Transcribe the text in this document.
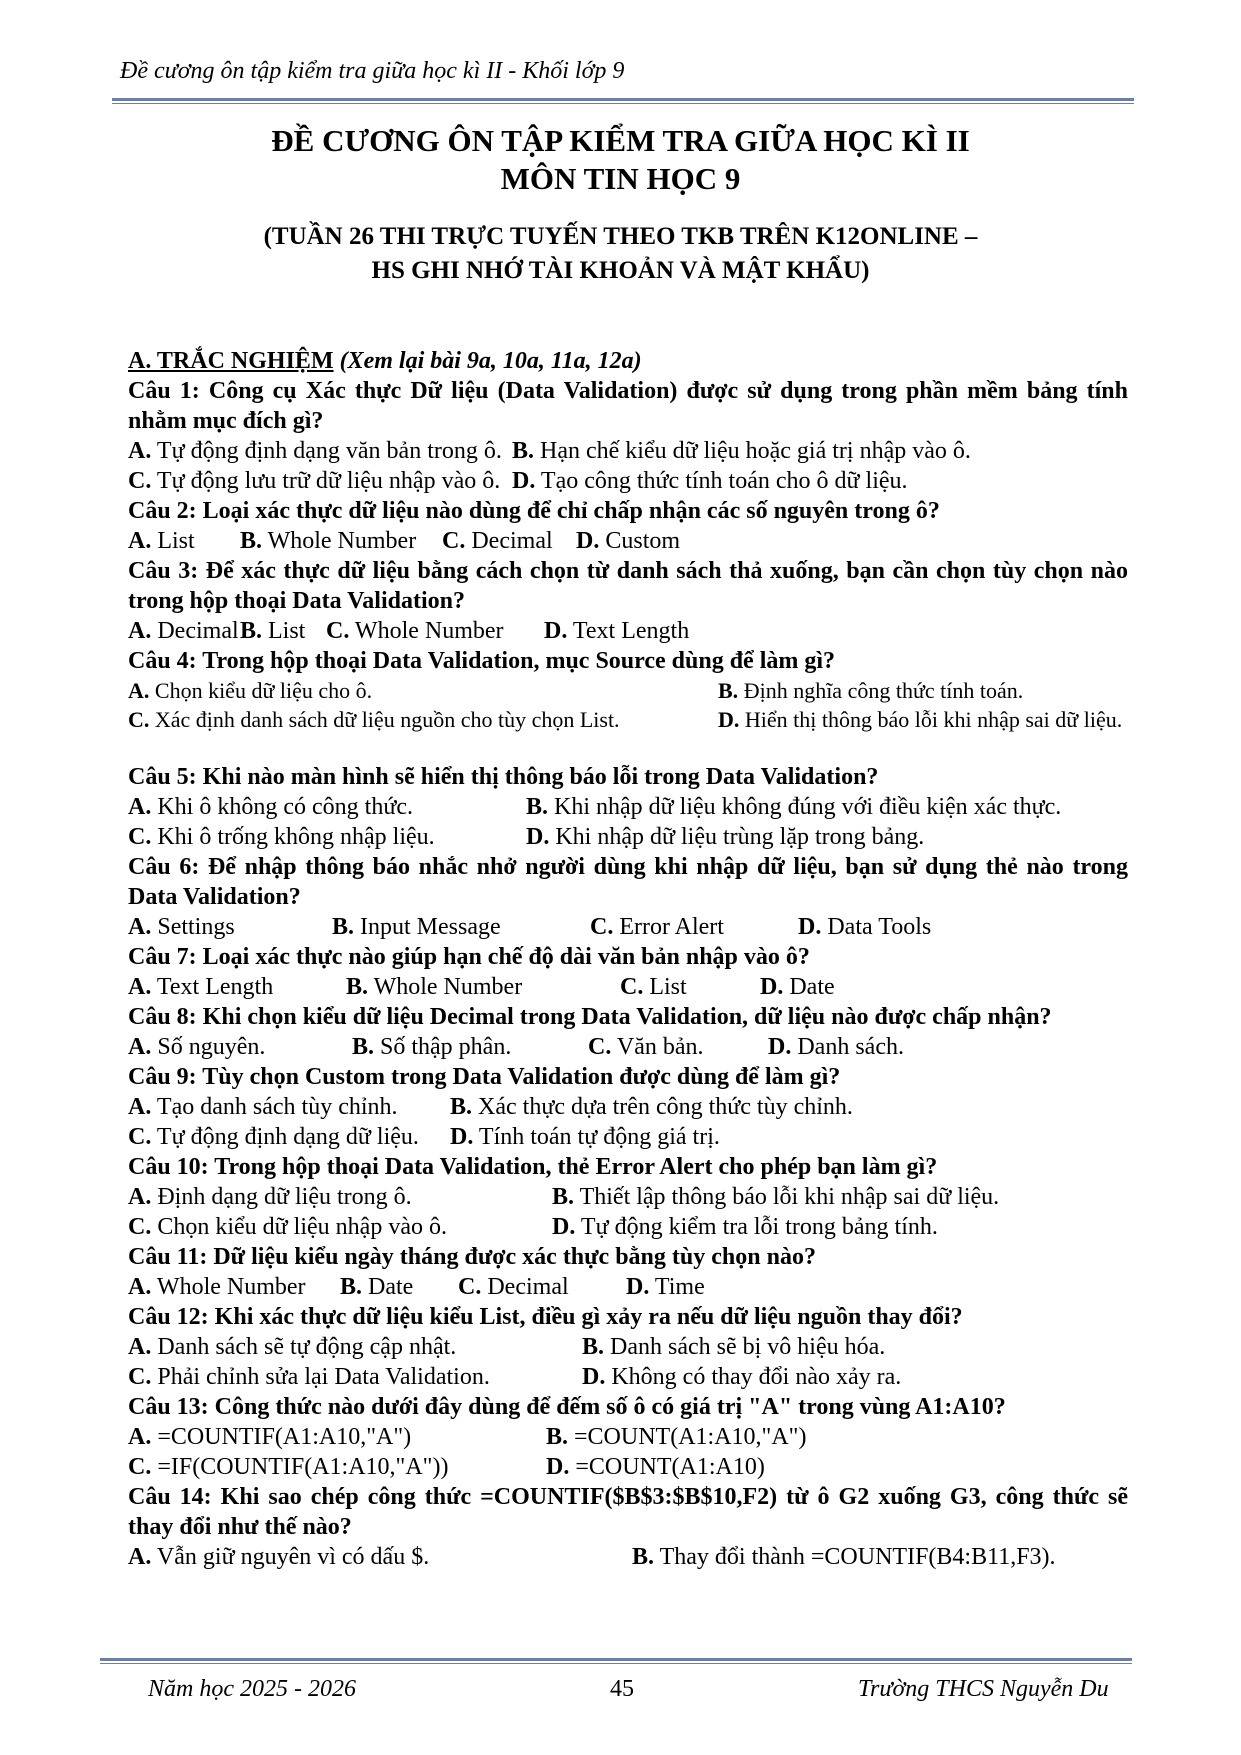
Đề cương ôn tập kiểm tra giữa học kì II - Khối lớp 9
ĐỀ CƯƠNG ÔN TẬP KIỂM TRA GIỮA HỌC KÌ II
MÔN TIN HỌC 9
(TUẦN 26 THI TRỰC TUYẾN THEO TKB TRÊN K12ONLINE –
HS GHI NHỚ TÀI KHOẢN VÀ MẬT KHẨU)
A. TRẮC NGHIỆM (Xem lại bài 9a, 10a, 11a, 12a)
Câu 1: Công cụ Xác thực Dữ liệu (Data Validation) được sử dụng trong phần mềm bảng tính nhằm mục đích gì?
A. Tự động định dạng văn bản trong ô. B. Hạn chế kiểu dữ liệu hoặc giá trị nhập vào ô.
C. Tự động lưu trữ dữ liệu nhập vào ô. D. Tạo công thức tính toán cho ô dữ liệu.
Câu 2: Loại xác thực dữ liệu nào dùng để chỉ chấp nhận các số nguyên trong ô?
A. List B. Whole Number C. Decimal D. Custom
Câu 3: Để xác thực dữ liệu bằng cách chọn từ danh sách thả xuống, bạn cần chọn tùy chọn nào trong hộp thoại Data Validation?
A. Decimal B. List C. Whole Number D. Text Length
Câu 4: Trong hộp thoại Data Validation, mục Source dùng để làm gì?
A. Chọn kiểu dữ liệu cho ô.	B. Định nghĩa công thức tính toán.
C. Xác định danh sách dữ liệu nguồn cho tùy chọn List.	D. Hiển thị thông báo lỗi khi nhập sai dữ liệu.
Câu 5: Khi nào màn hình sẽ hiển thị thông báo lỗi trong Data Validation?
A. Khi ô không có công thức.	B. Khi nhập dữ liệu không đúng với điều kiện xác thực.
C. Khi ô trống không nhập liệu.	D. Khi nhập dữ liệu trùng lặp trong bảng.
Câu 6: Để nhập thông báo nhắc nhở người dùng khi nhập dữ liệu, bạn sử dụng thẻ nào trong Data Validation?
A. Settings	B. Input Message	C. Error Alert	D. Data Tools
Câu 7: Loại xác thực nào giúp hạn chế độ dài văn bản nhập vào ô?
A. Text Length	B. Whole Number	C. List	D. Date
Câu 8: Khi chọn kiểu dữ liệu Decimal trong Data Validation, dữ liệu nào được chấp nhận?
A. Số nguyên.	B. Số thập phân.	C. Văn bản.	D. Danh sách.
Câu 9: Tùy chọn Custom trong Data Validation được dùng để làm gì?
A. Tạo danh sách tùy chỉnh. B. Xác thực dựa trên công thức tùy chỉnh.
C. Tự động định dạng dữ liệu. D. Tính toán tự động giá trị.
Câu 10: Trong hộp thoại Data Validation, thẻ Error Alert cho phép bạn làm gì?
A. Định dạng dữ liệu trong ô.	B. Thiết lập thông báo lỗi khi nhập sai dữ liệu.
C. Chọn kiểu dữ liệu nhập vào ô.	D. Tự động kiểm tra lỗi trong bảng tính.
Câu 11: Dữ liệu kiểu ngày tháng được xác thực bằng tùy chọn nào?
A. Whole Number B. Date C. Decimal D. Time
Câu 12: Khi xác thực dữ liệu kiểu List, điều gì xảy ra nếu dữ liệu nguồn thay đổi?
A. Danh sách sẽ tự động cập nhật.	B. Danh sách sẽ bị vô hiệu hóa.
C. Phải chỉnh sửa lại Data Validation.	D. Không có thay đổi nào xảy ra.
Câu 13: Công thức nào dưới đây dùng để đếm số ô có giá trị "A" trong vùng A1:A10?
A. =COUNTIF(A1:A10,"A")	B. =COUNT(A1:A10,"A")
C. =IF(COUNTIF(A1:A10,"A"))	D. =COUNT(A1:A10)
Câu 14: Khi sao chép công thức =COUNTIF($B$3:$B$10,F2) từ ô G2 xuống G3, công thức sẽ thay đổi như thế nào?
A. Vẫn giữ nguyên vì có dấu $.	B. Thay đổi thành =COUNTIF(B4:B11,F3).
Năm học 2025 - 2026	45	Trường THCS Nguyễn Du
